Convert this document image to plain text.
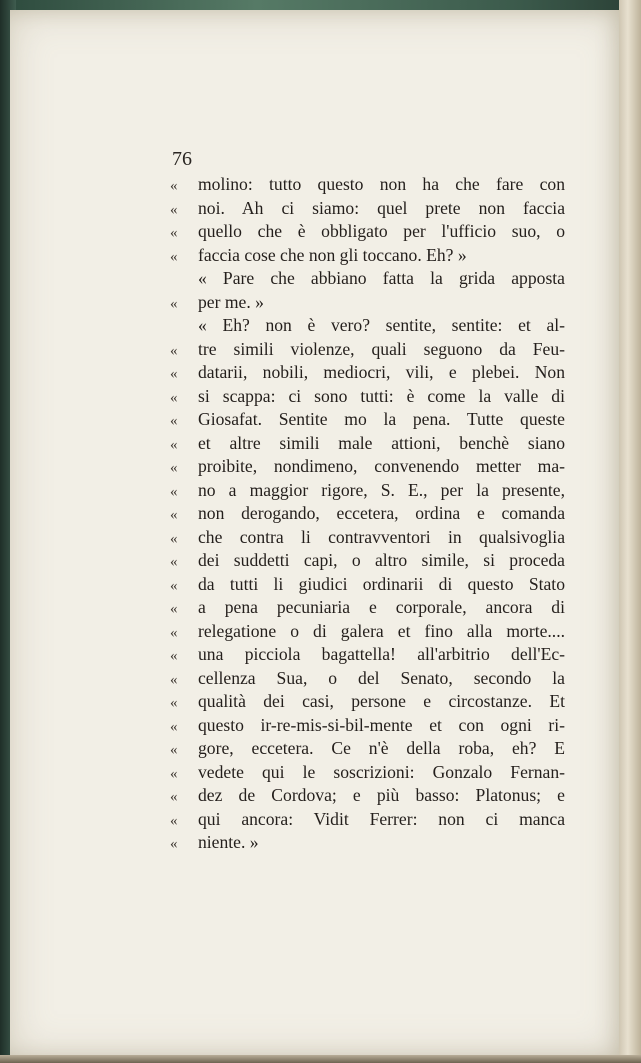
76
«	molino: tutto questo non ha che fare con
«	noi. Ah ci siamo: quel prete non faccia
«	quello che è obbligato per l'ufficio suo, o
«	faccia cose che non gli toccano. Eh? »
« Pare che abbiano fatta la grida apposta
«	per me. »
« Eh? non è vero? sentite, sentite: et al-
«	tre simili violenze, quali seguono da Feu-
«	datarii, nobili, mediocri, vili, e plebei. Non
«	si scappa: ci sono tutti: è come la valle di
«	Giosafat. Sentite mo la pena. Tutte queste
«	et altre simili male attioni, benchè siano
«	proibite, nondimeno, convenendo metter ma-
«	no a maggior rigore, S. E., per la presente,
«	non derogando, eccetera, ordina e comanda
«	che contra li contravventori in qualsivoglia
«	dei suddetti capi, o altro simile, si proceda
«	da tutti li giudici ordinarii di questo Stato
«	a pena pecuniaria e corporale, ancora di
«	relegatione o di galera et fino alla morte....
«	una picciola bagattella! all'arbitrio dell'Ec-
«	cellenza Sua, o del Senato, secondo la
«	qualità dei casi, persone e circostanze. Et
«	questo ir-re-mis-si-bil-mente et con ogni ri-
«	gore, eccetera. Ce n'è della roba, eh? E
«	vedete qui le soscrizioni: Gonzalo Fernan-
«	dez de Cordova; e più basso: Platonus; e
«	qui ancora: Vidit Ferrer: non ci manca
«	niente. »
